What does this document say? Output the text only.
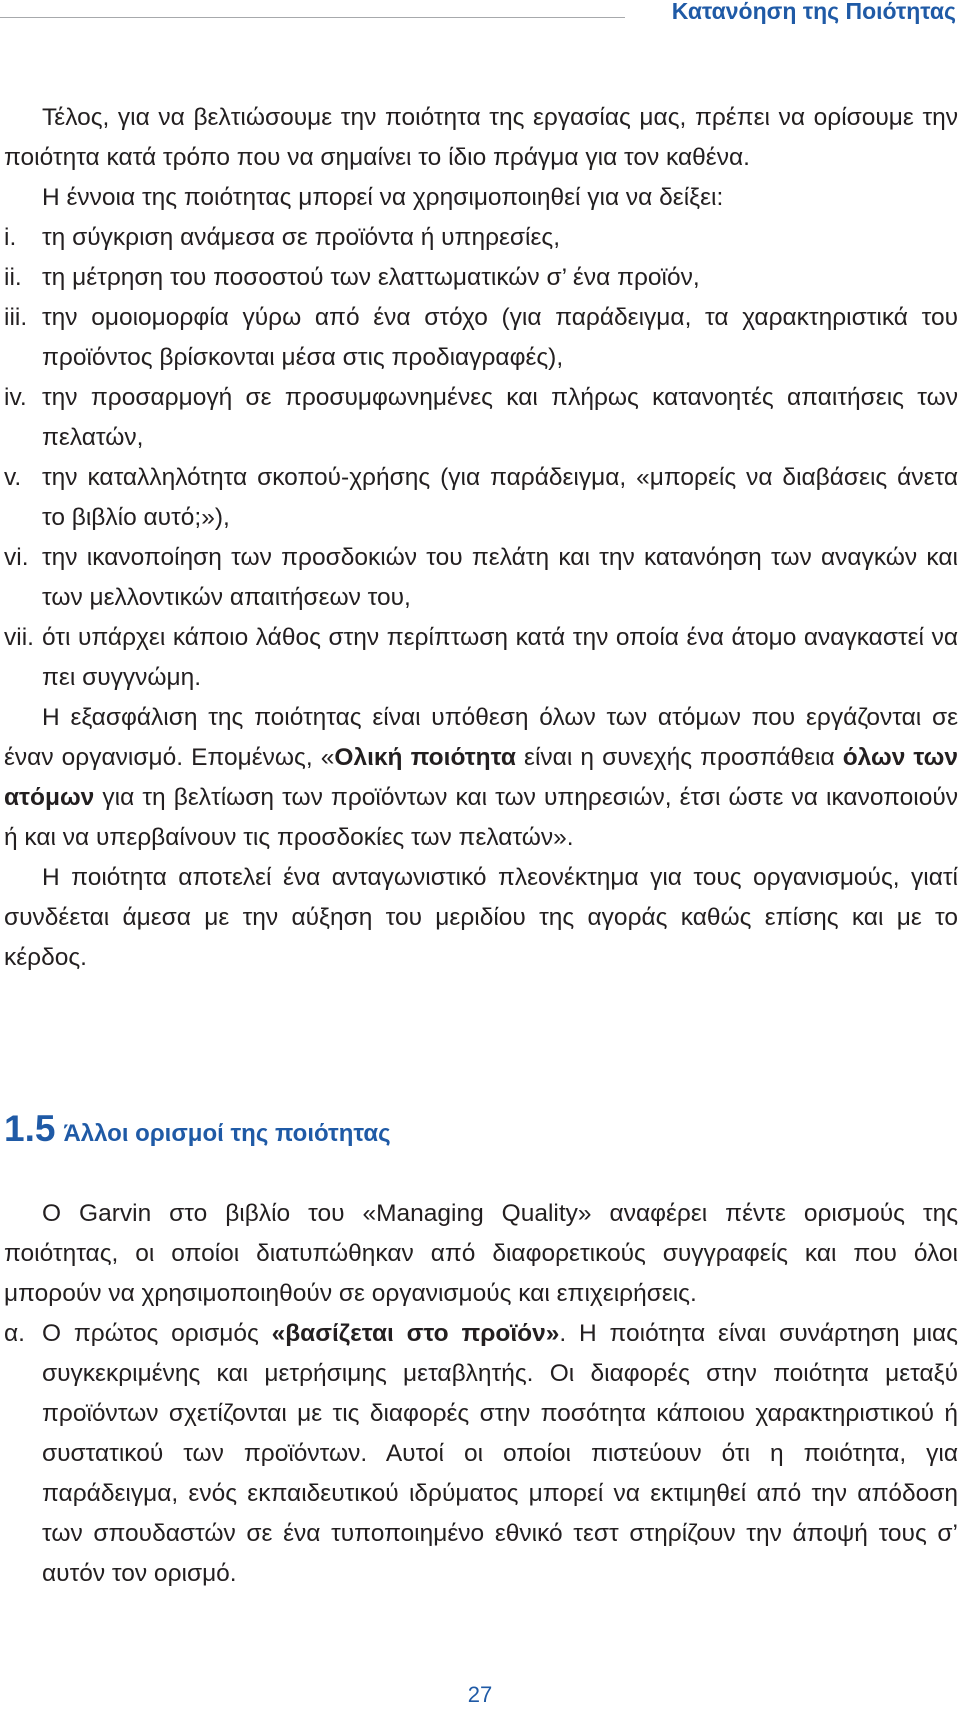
Κατανόηση της Ποιότητας

Τέλος, για να βελτιώσουμε την ποιότητα της εργασίας μας, πρέπει να ορίσουμε την ποιότητα κατά τρόπο που να σημαίνει το ίδιο πράγμα για τον καθένα.

Η έννοια της ποιότητας μπορεί να χρησιμοποιηθεί για να δείξει:

i. τη σύγκριση ανάμεσα σε προϊόντα ή υπηρεσίες,
ii. τη μέτρηση του ποσοστού των ελαττωματικών σ’ ένα προϊόν,
iii. την ομοιομορφία γύρω από ένα στόχο (για παράδειγμα, τα χαρακτηριστικά του προϊόντος βρίσκονται μέσα στις προδιαγραφές),
iv. την προσαρμογή σε προσυμφωνημένες και πλήρως κατανοητές απαιτήσεις των πελατών,
v. την καταλληλότητα σκοπού-χρήσης (για παράδειγμα, «μπορείς να διαβάσεις άνετα το βιβλίο αυτό;»),
vi. την ικανοποίηση των προσδοκιών του πελάτη και την κατανόηση των αναγκών και των μελλοντικών απαιτήσεων του,
vii. ότι υπάρχει κάποιο λάθος στην περίπτωση κατά την οποία ένα άτομο αναγκαστεί να πει συγγνώμη.

Η εξασφάλιση της ποιότητας είναι υπόθεση όλων των ατόμων που εργάζονται σε έναν οργανισμό. Επομένως, «Ολική ποιότητα είναι η συνεχής προσπάθεια όλων των ατόμων για τη βελτίωση των προϊόντων και των υπηρεσιών, έτσι ώστε να ικανοποιούν ή και να υπερβαίνουν τις προσδοκίες των πελατών».

Η ποιότητα αποτελεί ένα ανταγωνιστικό πλεονέκτημα για τους οργανισμούς, γιατί συνδέεται άμεσα με την αύξηση του μεριδίου της αγοράς καθώς επίσης και με το κέρδος.

1.5 Άλλοι ορισμοί της ποιότητας

O Garvin στο βιβλίο του «Managing Quality» αναφέρει πέντε ορισμούς της ποιότητας, οι οποίοι διατυπώθηκαν από διαφορετικούς συγγραφείς και που όλοι μπορούν να χρησιμοποιηθούν σε οργανισμούς και επιχειρήσεις.

α. Ο πρώτος ορισμός «βασίζεται στο προϊόν». Η ποιότητα είναι συνάρτηση μιας συγκεκριμένης και μετρήσιμης μεταβλητής. Οι διαφορές στην ποιότητα μεταξύ προϊόντων σχετίζονται με τις διαφορές στην ποσότητα κάποιου χαρακτηριστικού ή συστατικού των προϊόντων. Αυτοί οι οποίοι πιστεύουν ότι η ποιότητα, για παράδειγμα, ενός εκπαιδευτικού ιδρύματος μπορεί να εκτιμηθεί από την απόδοση των σπουδαστών σε ένα τυποποιημένο εθνικό τεστ στηρίζουν την άποψή τους σ’ αυτόν τον ορισμό.
27
